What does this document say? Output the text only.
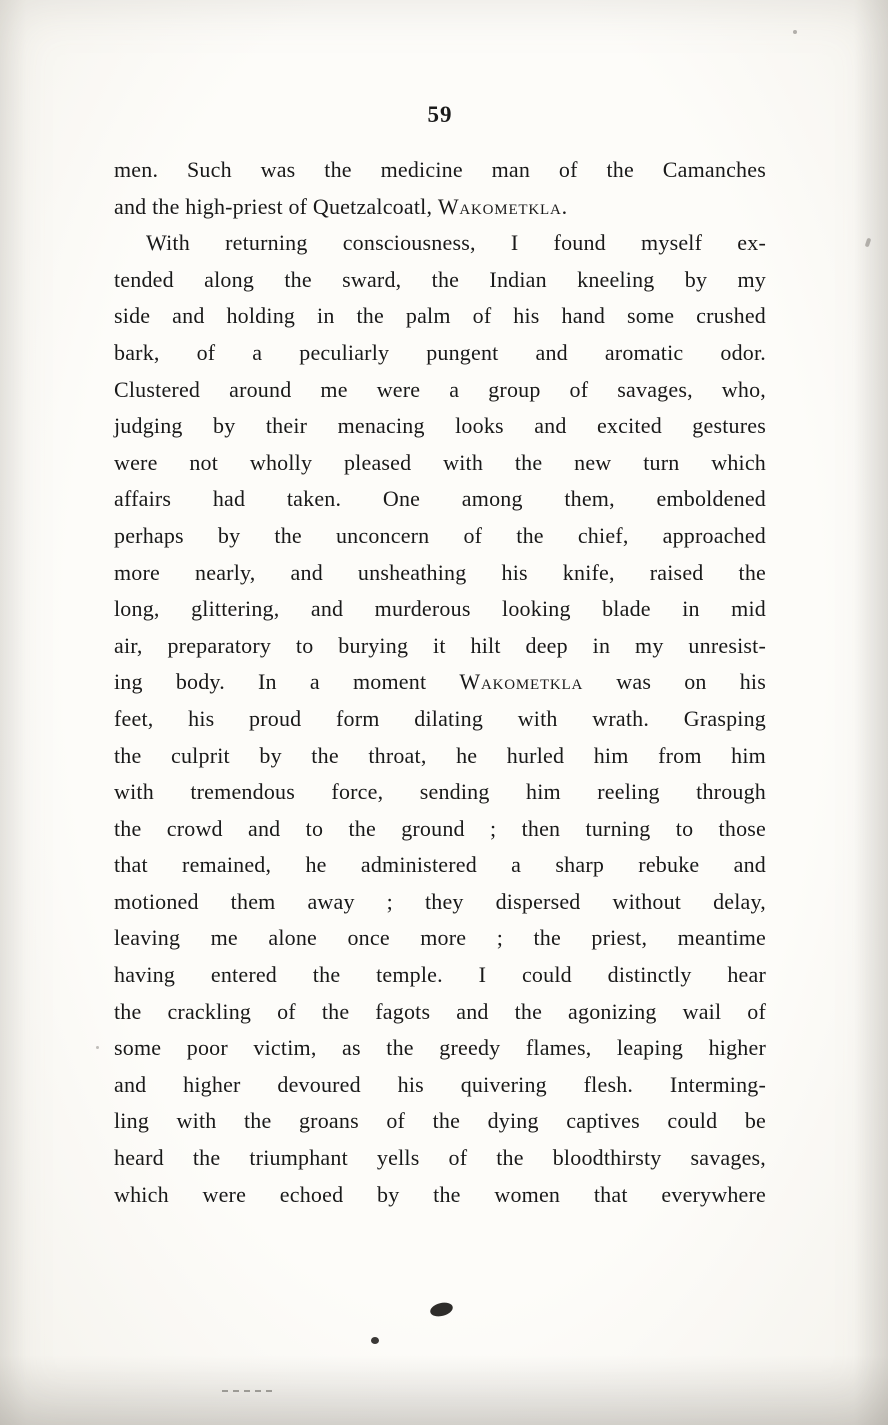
59
men. Such was the medicine man of the Camanches
and the high-priest of Quetzalcoatl, Wakometkla.
With returning consciousness, I found myself ex-
tended along the sward, the Indian kneeling by my
side and holding in the palm of his hand some crushed
bark, of a peculiarly pungent and aromatic odor.
Clustered around me were a group of savages, who,
judging by their menacing looks and excited gestures
were not wholly pleased with the new turn which
affairs had taken. One among them, emboldened
perhaps by the unconcern of the chief, approached
more nearly, and unsheathing his knife, raised the
long, glittering, and murderous looking blade in mid
air, preparatory to burying it hilt deep in my unresist-
ing body. In a moment Wakometkla was on his
feet, his proud form dilating with wrath. Grasping
the culprit by the throat, he hurled him from him
with tremendous force, sending him reeling through
the crowd and to the ground ; then turning to those
that remained, he administered a sharp rebuke and
motioned them away ; they dispersed without delay,
leaving me alone once more ; the priest, meantime
having entered the temple. I could distinctly hear
the crackling of the fagots and the agonizing wail of
some poor victim, as the greedy flames, leaping higher
and higher devoured his quivering flesh. Interming-
ling with the groans of the dying captives could be
heard the triumphant yells of the bloodthirsty savages,
which were echoed by the women that everywhere
